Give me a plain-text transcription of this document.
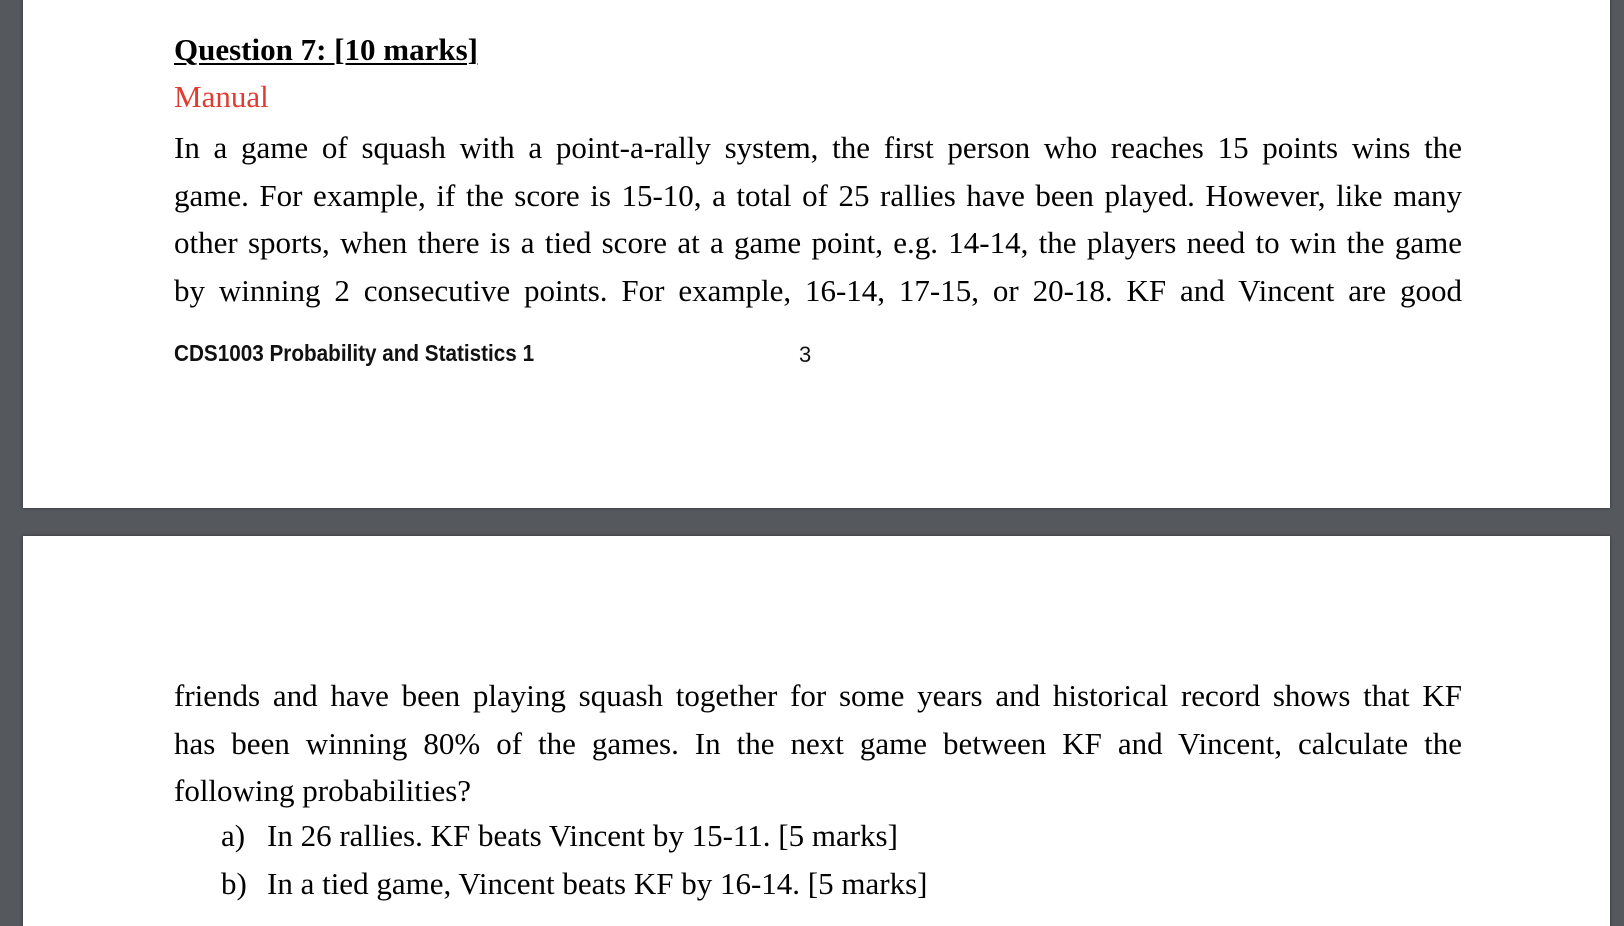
Question 7: [10 marks]
Manual
In a game of squash with a point-a-rally system, the first person who reaches 15 points wins the
game. For example, if the score is 15-10, a total of 25 rallies have been played. However, like many
other sports, when there is a tied score at a game point, e.g. 14-14, the players need to win the game
by winning 2 consecutive points. For example, 16-14, 17-15, or 20-18. KF and Vincent are good
CDS1003 Probability and Statistics 1	3
friends and have been playing squash together for some years and historical record shows that KF
has been winning 80% of the games. In the next game between KF and Vincent, calculate the
following probabilities?
a) In 26 rallies. KF beats Vincent by 15-11. [5 marks]
b) In a tied game, Vincent beats KF by 16-14. [5 marks]
